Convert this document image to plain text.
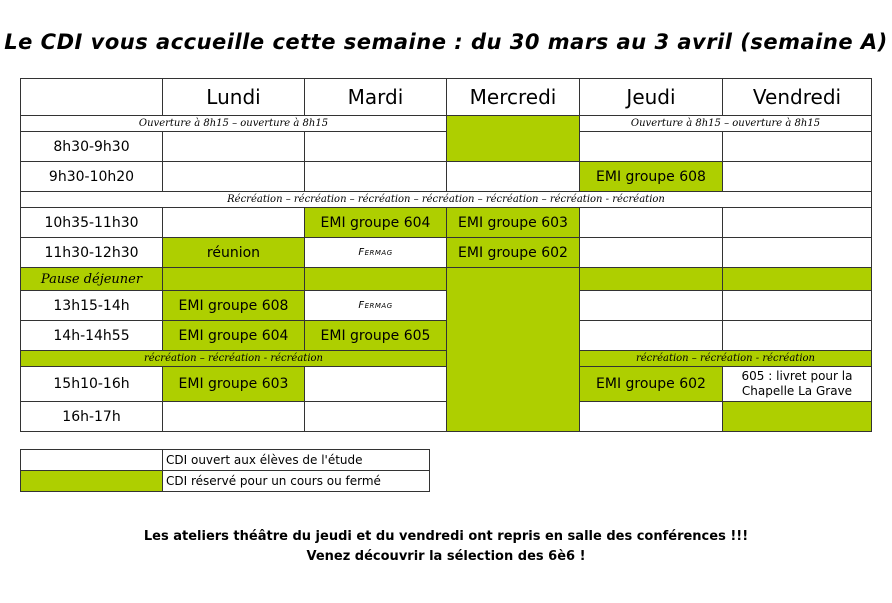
Le CDI vous accueille cette semaine : du 30 mars au 3 avril (semaine A)
	Lundi	Mardi	Mercredi	Jeudi	Vendredi
Ouverture à 8h15 – ouverture à 8h15				Ouverture à 8h15 – ouverture à 8h15	
8h30-9h30					
9h30-10h20				EMI groupe 608	
Récréation – récréation – récréation – récréation – récréation – récréation - récréation					
10h35-11h30		EMI groupe 604	EMI groupe 603		
11h30-12h30	réunion	Fermag	EMI groupe 602		
Pause déjeuner					
13h15-14h	EMI groupe 608	Fermag			
14h-14h55	EMI groupe 604	EMI groupe 605			
récréation – récréation - récréation				récréation – récréation - récréation	
15h10-16h	EMI groupe 603			EMI groupe 602	605 : livret pour la Chapelle La Grave
16h-17h					
	CDI ouvert aux élèves de l'étude
	CDI réservé pour un cours ou fermé
Les ateliers théâtre du jeudi et du vendredi ont repris en salle des conférences !!!
Venez découvrir la sélection des 6è6 !
